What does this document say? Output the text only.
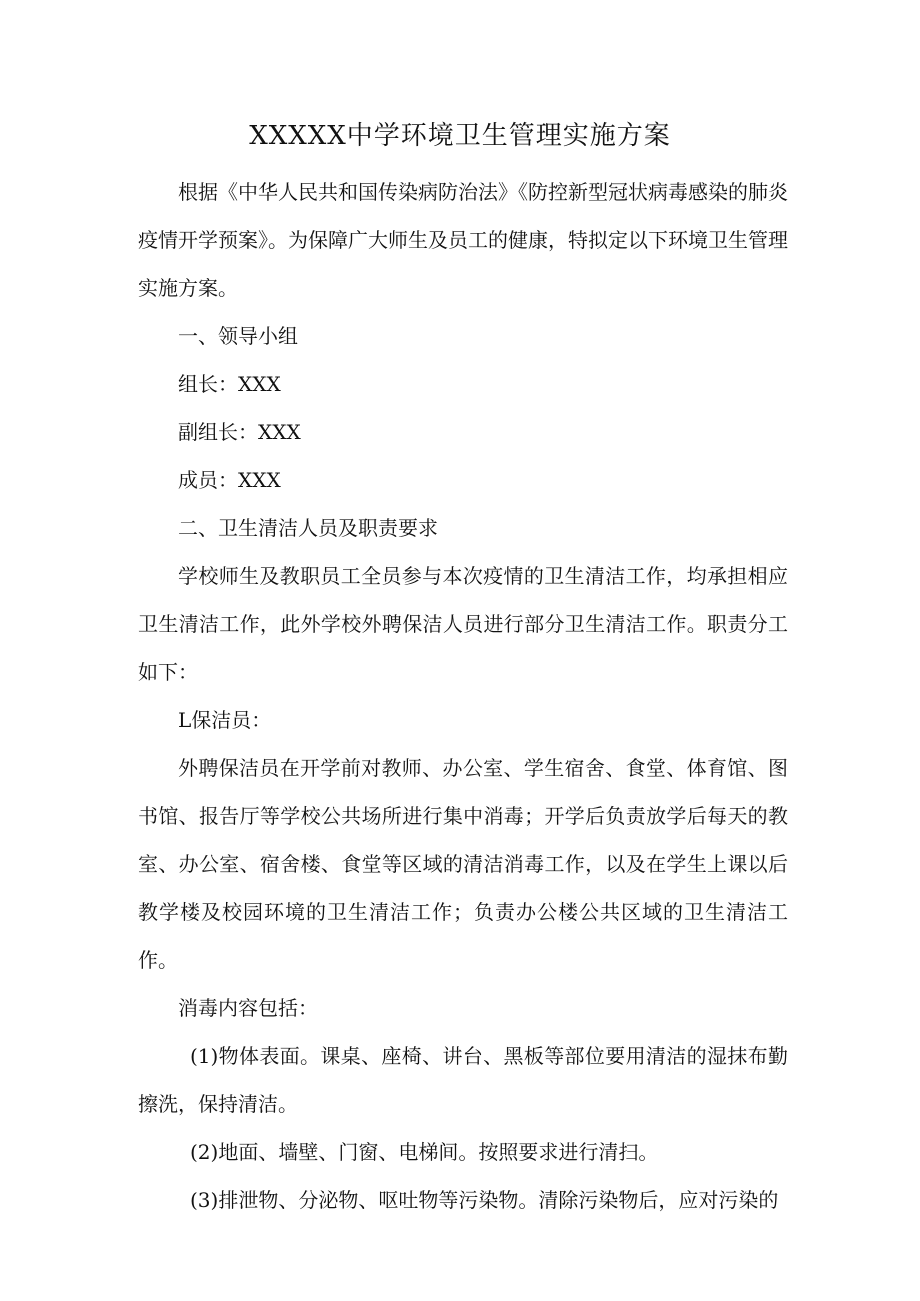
XXXXX中学环境卫生管理实施方案

根据《中华人民共和国传染病防治法》《防控新型冠状病毒感染的肺炎疫情开学预案》。为保障广大师生及员工的健康，特拟定以下环境卫生管理实施方案。

一、领导小组

组长：XXX

副组长：XXX

成员：XXX

二、卫生清洁人员及职责要求

学校师生及教职员工全员参与本次疫情的卫生清洁工作，均承担相应卫生清洁工作，此外学校外聘保洁人员进行部分卫生清洁工作。职责分工如下：

L保洁员：

外聘保洁员在开学前对教师、办公室、学生宿舍、食堂、体育馆、图书馆、报告厅等学校公共场所进行集中消毒；开学后负责放学后每天的教室、办公室、宿舍楼、食堂等区域的清洁消毒工作，以及在学生上课以后教学楼及校园环境的卫生清洁工作；负责办公楼公共区域的卫生清洁工作。

消毒内容包括：

(1)物体表面。课桌、座椅、讲台、黑板等部位要用清洁的湿抹布勤擦洗，保持清洁。

(2)地面、墙壁、门窗、电梯间。按照要求进行清扫。

(3)排泄物、分泌物、呕吐物等污染物。清除污染物后，应对污染的
